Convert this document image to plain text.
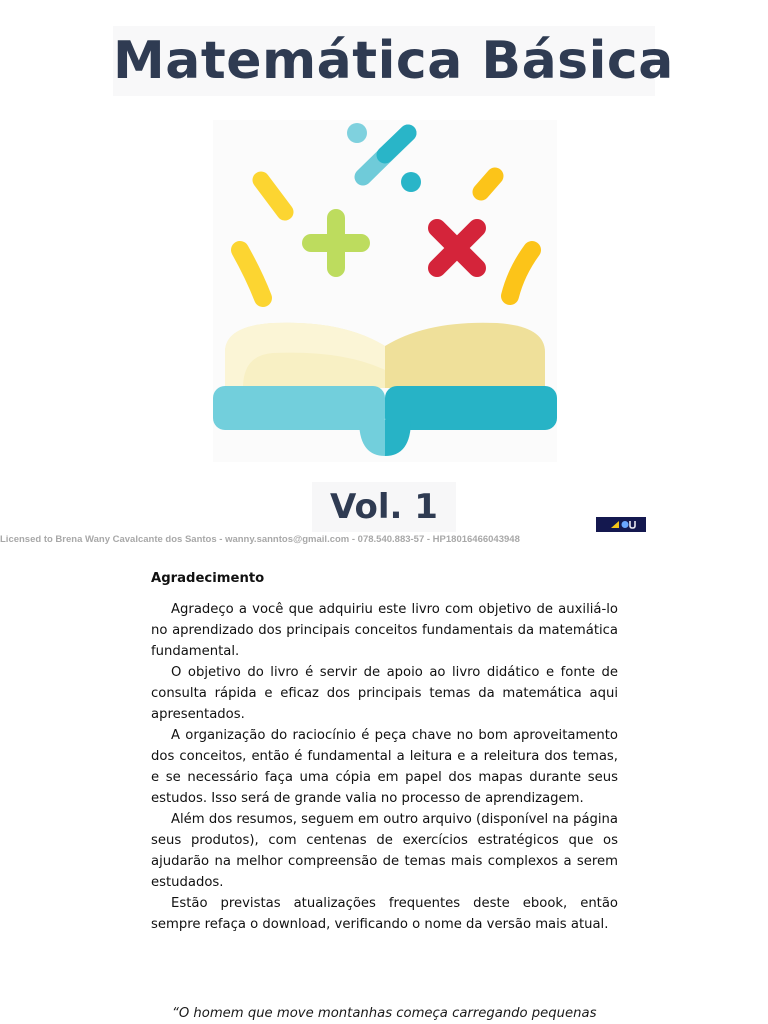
Matemática Básica
Vol. 1
Licensed to Brena Wany Cavalcante dos Santos - wanny.sanntos@gmail.com - 078.540.883-57 - HP18016466043948
Agradecimento

Agradeço a você que adquiriu este livro com objetivo de auxiliá-lo no aprendizado dos principais conceitos fundamentais da matemática fundamental.

O objetivo do livro é servir de apoio ao livro didático e fonte de consulta rápida e eficaz dos principais temas da matemática aqui apresentados.

A organização do raciocínio é peça chave no bom aproveitamento dos conceitos, então é fundamental a leitura e a releitura dos temas, e se necessário faça uma cópia em papel dos mapas durante seus estudos. Isso será de grande valia no processo de aprendizagem.

Além dos resumos, seguem em outro arquivo (disponível na página seus produtos), com centenas de exercícios estratégicos que os ajudarão na melhor compreensão de temas mais complexos a serem estudados.

Estão previstas atualizações frequentes deste ebook, então sempre refaça o download, verificando o nome da versão mais atual.

“O homem que move montanhas começa carregando pequenas
